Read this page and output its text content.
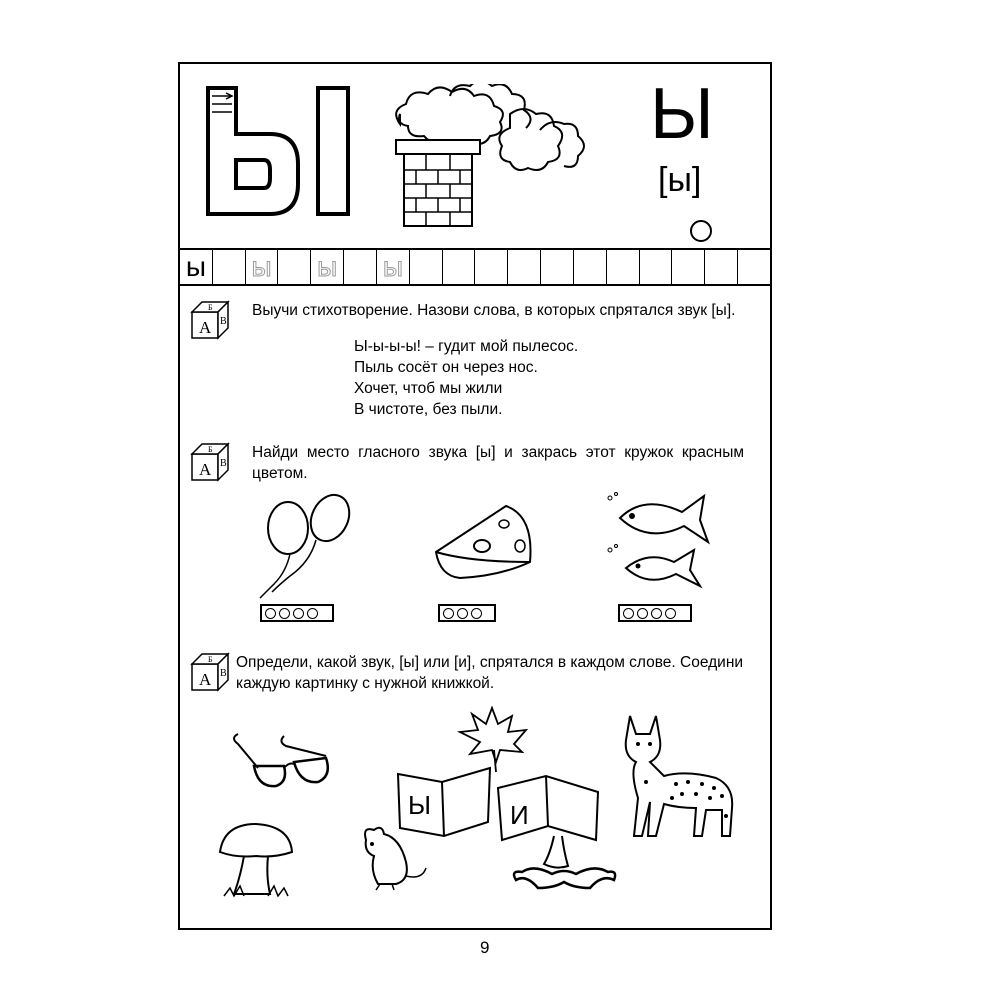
Ы
[ы]
ы ы ы ы
А
Б
В
Выучи стихотворение. Назови слова, в которых спрятался звук [ы].
Ы-ы-ы-ы! – гудит мой пылесос.
Пыль сосёт он через нос.
Хочет, чтоб мы жили
В чистоте, без пыли.
А
Б
В
Найди место гласного звука [ы] и закрась этот кружок красным цветом.
А
Б
В
Определи, какой звук, [ы] или [и], спрятался в каждом слове. Соедини каждую картинку с нужной книжкой.
Ы	И
9
